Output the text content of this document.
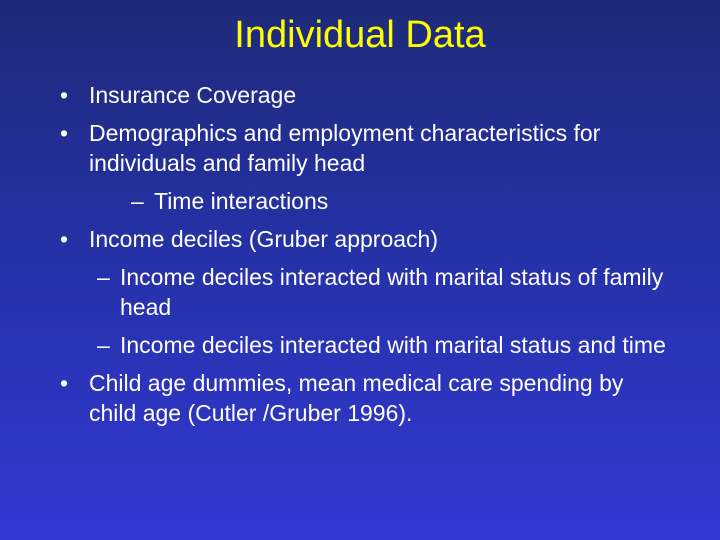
Individual Data

• Insurance Coverage

• Demographics and employment characteristics for individuals and family head

– Time interactions

• Income deciles (Gruber approach)

– Income deciles interacted with marital status of family head

– Income deciles interacted with marital status and time

• Child age dummies, mean medical care spending by child age (Cutler /Gruber 1996).
